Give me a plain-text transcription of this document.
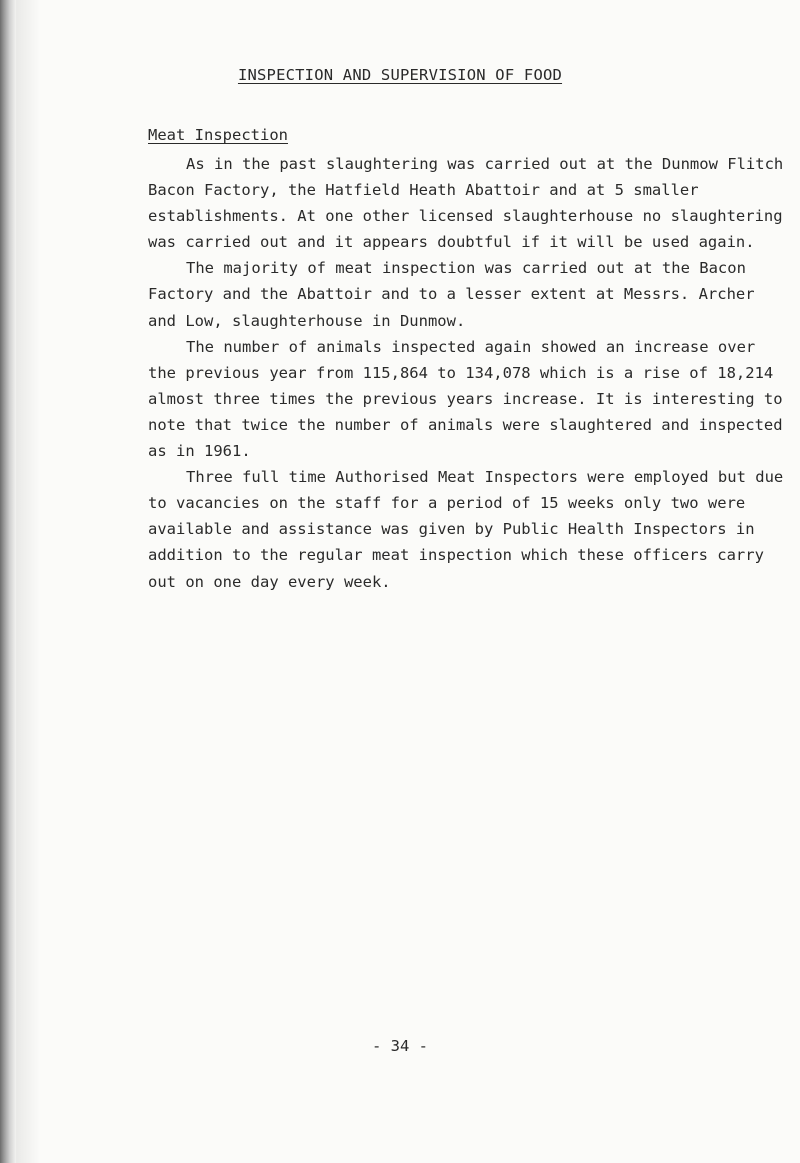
INSPECTION AND SUPERVISION OF FOOD
Meat Inspection

As in the past slaughtering was carried out at the Dunmow Flitch Bacon Factory, the Hatfield Heath Abattoir and at 5 smaller establishments. At one other licensed slaughterhouse no slaughtering was carried out and it appears doubtful if it will be used again.

The majority of meat inspection was carried out at the Bacon Factory and the Abattoir and to a lesser extent at Messrs. Archer and Low, slaughterhouse in Dunmow.

The number of animals inspected again showed an increase over the previous year from 115,864 to 134,078 which is a rise of 18,214 almost three times the previous years increase. It is interesting to note that twice the number of animals were slaughtered and inspected as in 1961.

Three full time Authorised Meat Inspectors were employed but due to vacancies on the staff for a period of 15 weeks only two were available and assistance was given by Public Health Inspectors in addition to the regular meat inspection which these officers carry out on one day every week.

- 34 -
